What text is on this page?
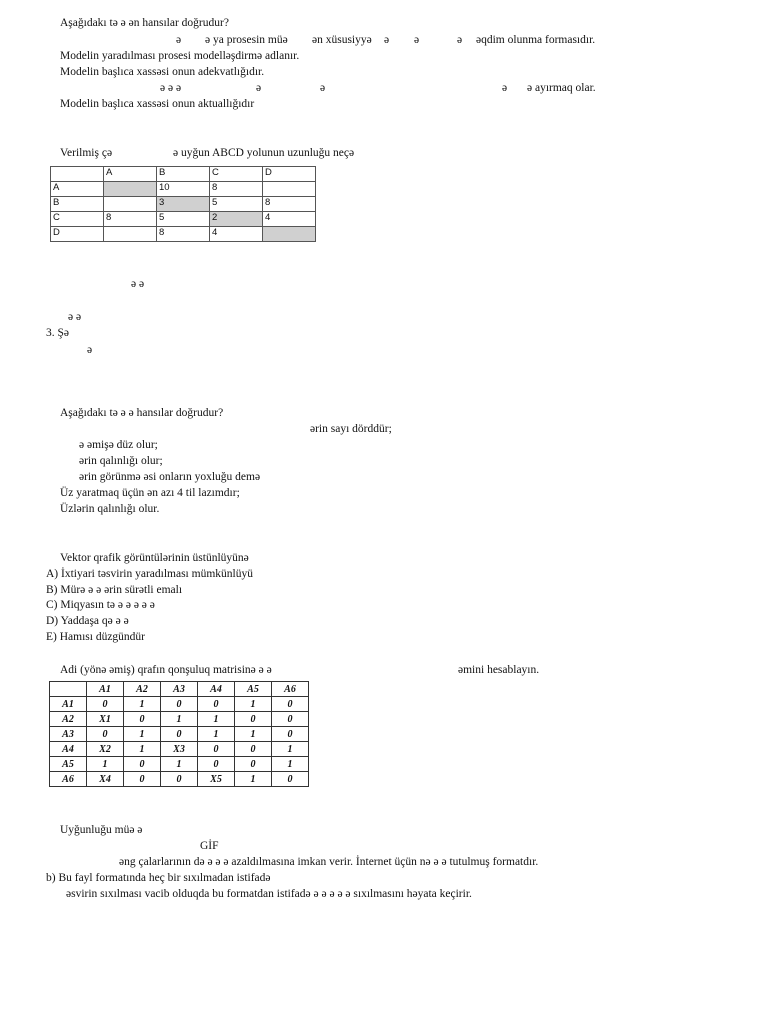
Aşağıdakı tə ə ən hansılar doğrudur?
ə ə ya prosesin müə ən xüsusiyyə ə ə	ə əqdim olunma formasıdır.
Modelin yaradılması prosesi modelləşdirmə adlanır.
Modelin başlıca xassəsi onun adekvatlığıdır.
ə ə ə	ə	ə	ə ə ayırmaq olar.
Modelin başlıca xassəsi onun aktuallığıdır
Verilmiş çə	ə uyğun ABCD yolunun uzunluğu neçə
	A	B	C	D
A		10	8	
B		3	5	8
C	8	5	2	4
D		8	4	
ə ə
ə ə
3. Şə
ə
Aşağıdakı tə ə ə hansılar doğrudur?
ərin sayı dörddür;
ə əmişə düz olur;
ərin qalınlığı olur;
ərin görünmə əsi onların yoxluğu demə
Üz yaratmaq üçün ən azı 4 til lazımdır;
Üzlərin qalınlığı olur.
Vektor qrafik görüntülərinin üstünlüyünə
A) İxtiyari təsvirin yaradılması mümkünlüyü
B) Mürə ə ə ərin sürətli emalı
C) Miqyasın tə ə ə ə ə ə
D) Yaddaşa qə ə ə
E) Hamısı düzgündür
Adi (yönə əmiş) qrafın qonşuluq matrisinə ə ə	əmini hesablayın.
	A1	A2	A3	A4	A5	A6
A1	0	1	0	0	1	0
A2	X1	0	1	1	0	0
A3	0	1	0	1	1	0
A4	X2	1	X3	0	0	1
A5	1	0	1	0	0	1
A6	X4	0	0	X5	1	0
Uyğunluğu müə ə
GİF
əng çalarlarının də ə ə ə azaldılmasına imkan verir. İnternet üçün nə ə ə tutulmuş formatdır.
b) Bu fayl formatında heç bir sıxılmadan istifadə
əsvirin sıxılması vacib olduqda bu formatdan istifadə ə ə ə ə ə sıxılmasını həyata keçirir.
